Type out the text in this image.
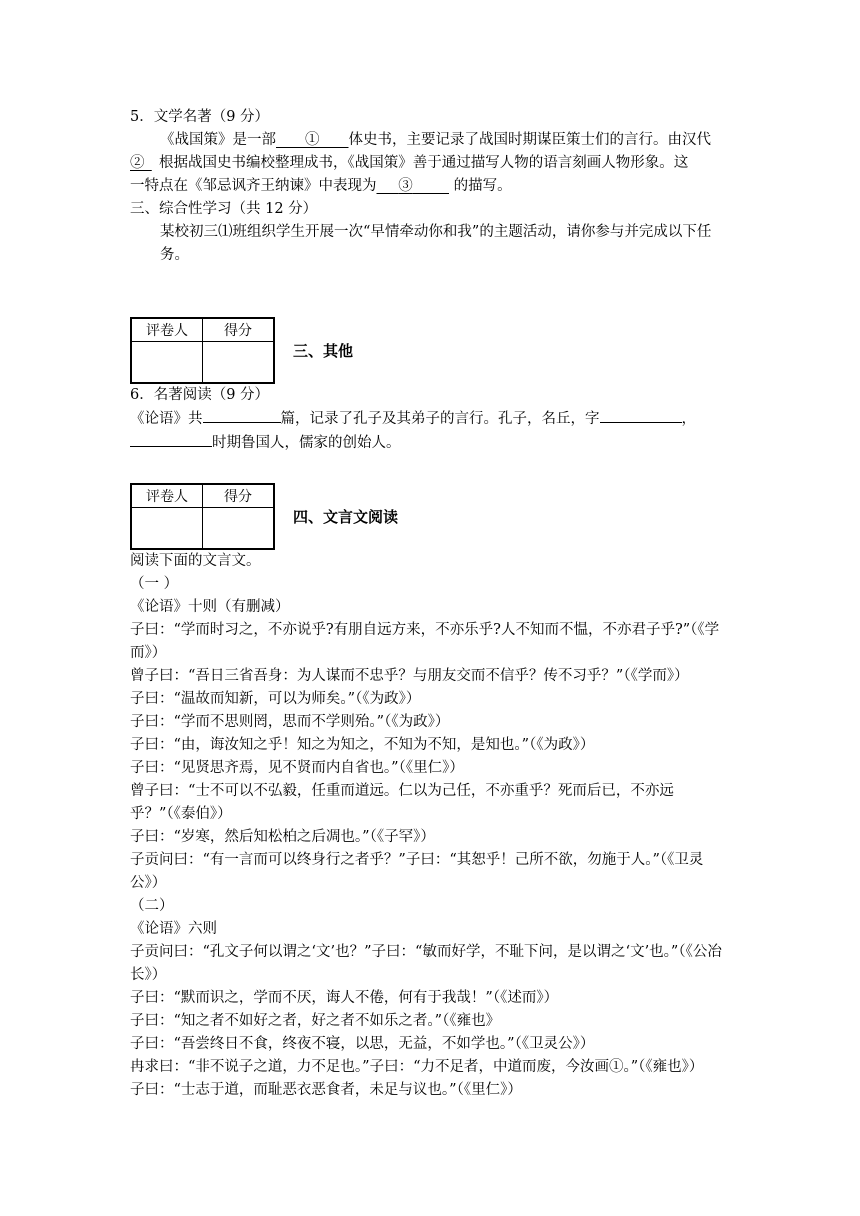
5．文学名著（9 分）
《战国策》是一部   ①   体史书，主要记录了战国时期谋臣策士们的言行。由汉代
②   根据战国史书编校整理成书，《战国策》善于通过描写人物的语言刻画人物形象。这
一特点在《邹忌讽齐王纳谏》中表现为   ③   	的描写。
三、综合性学习（共 12 分）
某校初三⑴班组织学生开展一次“早情牵动你和我”的主题活动，请你参与并完成以下任务。
评卷人	得分

三、其他
6．名著阅读（9 分）
《论语》共	篇，记录了孔子及其弟子的言行。孔子，名丘，字	，
时期鲁国人，儒家的创始人。
评卷人	得分

四、文言文阅读
阅读下面的文言文。
（一 ）
《论语》十则（有删减）
子曰：“学而时习之，不亦说乎?有朋自远方来，不亦乐乎?人不知而不愠，不亦君子乎?”（《学而》）
曾子曰：“吾日三省吾身：为人谋而不忠乎？与朋友交而不信乎？传不习乎？”（《学而》）
子曰：“温故而知新，可以为师矣。”（《为政》）
子曰：“学而不思则罔，思而不学则殆。”（《为政》）
子曰：“由，诲汝知之乎！知之为知之，不知为不知，是知也。”（《为政》）
子曰：“见贤思齐焉，见不贤而内自省也。”（《里仁》）
曾子曰：“士不可以不弘毅，任重而道远。仁以为己任，不亦重乎？死而后已，不亦远乎？”（《泰伯》）
子曰：“岁寒，然后知松柏之后凋也。”（《子罕》）
子贡问曰：“有一言而可以终身行之者乎？”子曰：“其恕乎！己所不欲，勿施于人。”（《卫灵公》）
（二）
《论语》六则
子贡问曰：“孔文子何以谓之‘文’也？”子曰：“敏而好学，不耻下问，是以谓之‘文’也。”（《公冶长》）
子曰：“默而识之，学而不厌，诲人不倦，何有于我哉！”（《述而》）
子曰：“知之者不如好之者，好之者不如乐之者。”（《雍也》
子曰：“吾尝终日不食，终夜不寝，以思，无益，不如学也。”（《卫灵公》）
冉求曰：“非不说子之道，力不足也。”子曰：“力不足者，中道而废，今汝画①。”（《雍也》）
子曰：“士志于道，而耻恶衣恶食者，未足与议也。”（《里仁》）
